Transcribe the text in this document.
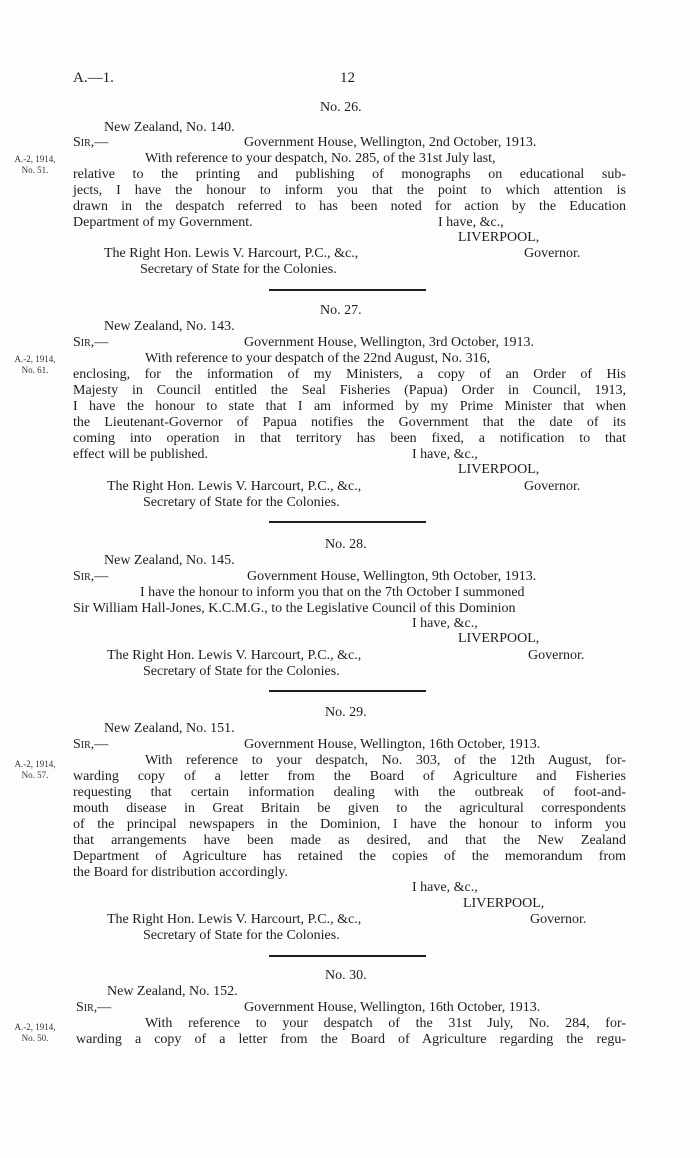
A.—1.	12
No. 26.
New Zealand, No. 140.
Sir,—	Government House, Wellington, 2nd October, 1913.
A.-2, 1914,
No. 51.
With reference to your despatch, No. 285, of the 31st July last,
relative to the printing and publishing of monographs on educational sub-
jects, I have the honour to inform you that the point to which attention is
drawn in the despatch referred to has been noted for action by the Education
Department of my Government.	I have, &c.,
LIVERPOOL,
The Right Hon. Lewis V. Harcourt, P.C., &c.,	Governor.
Secretary of State for the Colonies.
No. 27.
New Zealand, No. 143.
Sir,—	Government House, Wellington, 3rd October, 1913.
A.-2, 1914,
No. 61.
With reference to your despatch of the 22nd August, No. 316,
enclosing, for the information of my Ministers, a copy of an Order of His
Majesty in Council entitled the Seal Fisheries (Papua) Order in Council, 1913,
I have the honour to state that I am informed by my Prime Minister that when
the Lieutenant-Governor of Papua notifies the Government that the date of its
coming into operation in that territory has been fixed, a notification to that
effect will be published.	I have, &c.,
LIVERPOOL,
The Right Hon. Lewis V. Harcourt, P.C., &c.,	Governor.
Secretary of State for the Colonies.
No. 28.
New Zealand, No. 145.
Sir,—	Government House, Wellington, 9th October, 1913.
I have the honour to inform you that on the 7th October I summoned
Sir William Hall-Jones, K.C.M.G., to the Legislative Council of this Dominion
I have, &c.,
LIVERPOOL,
The Right Hon. Lewis V. Harcourt, P.C., &c.,	Governor.
Secretary of State for the Colonies.
No. 29.
New Zealand, No. 151.
Sir,—	Government House, Wellington, 16th October, 1913.
A.-2, 1914,
No. 57.
With reference to your despatch, No. 303, of the 12th August, for-
warding copy of a letter from the Board of Agriculture and Fisheries
requesting that certain information dealing with the outbreak of foot-and-
mouth disease in Great Britain be given to the agricultural correspondents
of the principal newspapers in the Dominion, I have the honour to inform you
that arrangements have been made as desired, and that the New Zealand
Department of Agriculture has retained the copies of the memorandum from
the Board for distribution accordingly.
I have, &c.,
LIVERPOOL,
The Right Hon. Lewis V. Harcourt, P.C., &c.,	Governor.
Secretary of State for the Colonies.
No. 30.
New Zealand, No. 152.
Sir,—	Government House, Wellington, 16th October, 1913.
A.-2, 1914,
No. 50.
With reference to your despatch of the 31st July, No. 284, for-
warding a copy of a letter from the Board of Agriculture regarding the regu-
